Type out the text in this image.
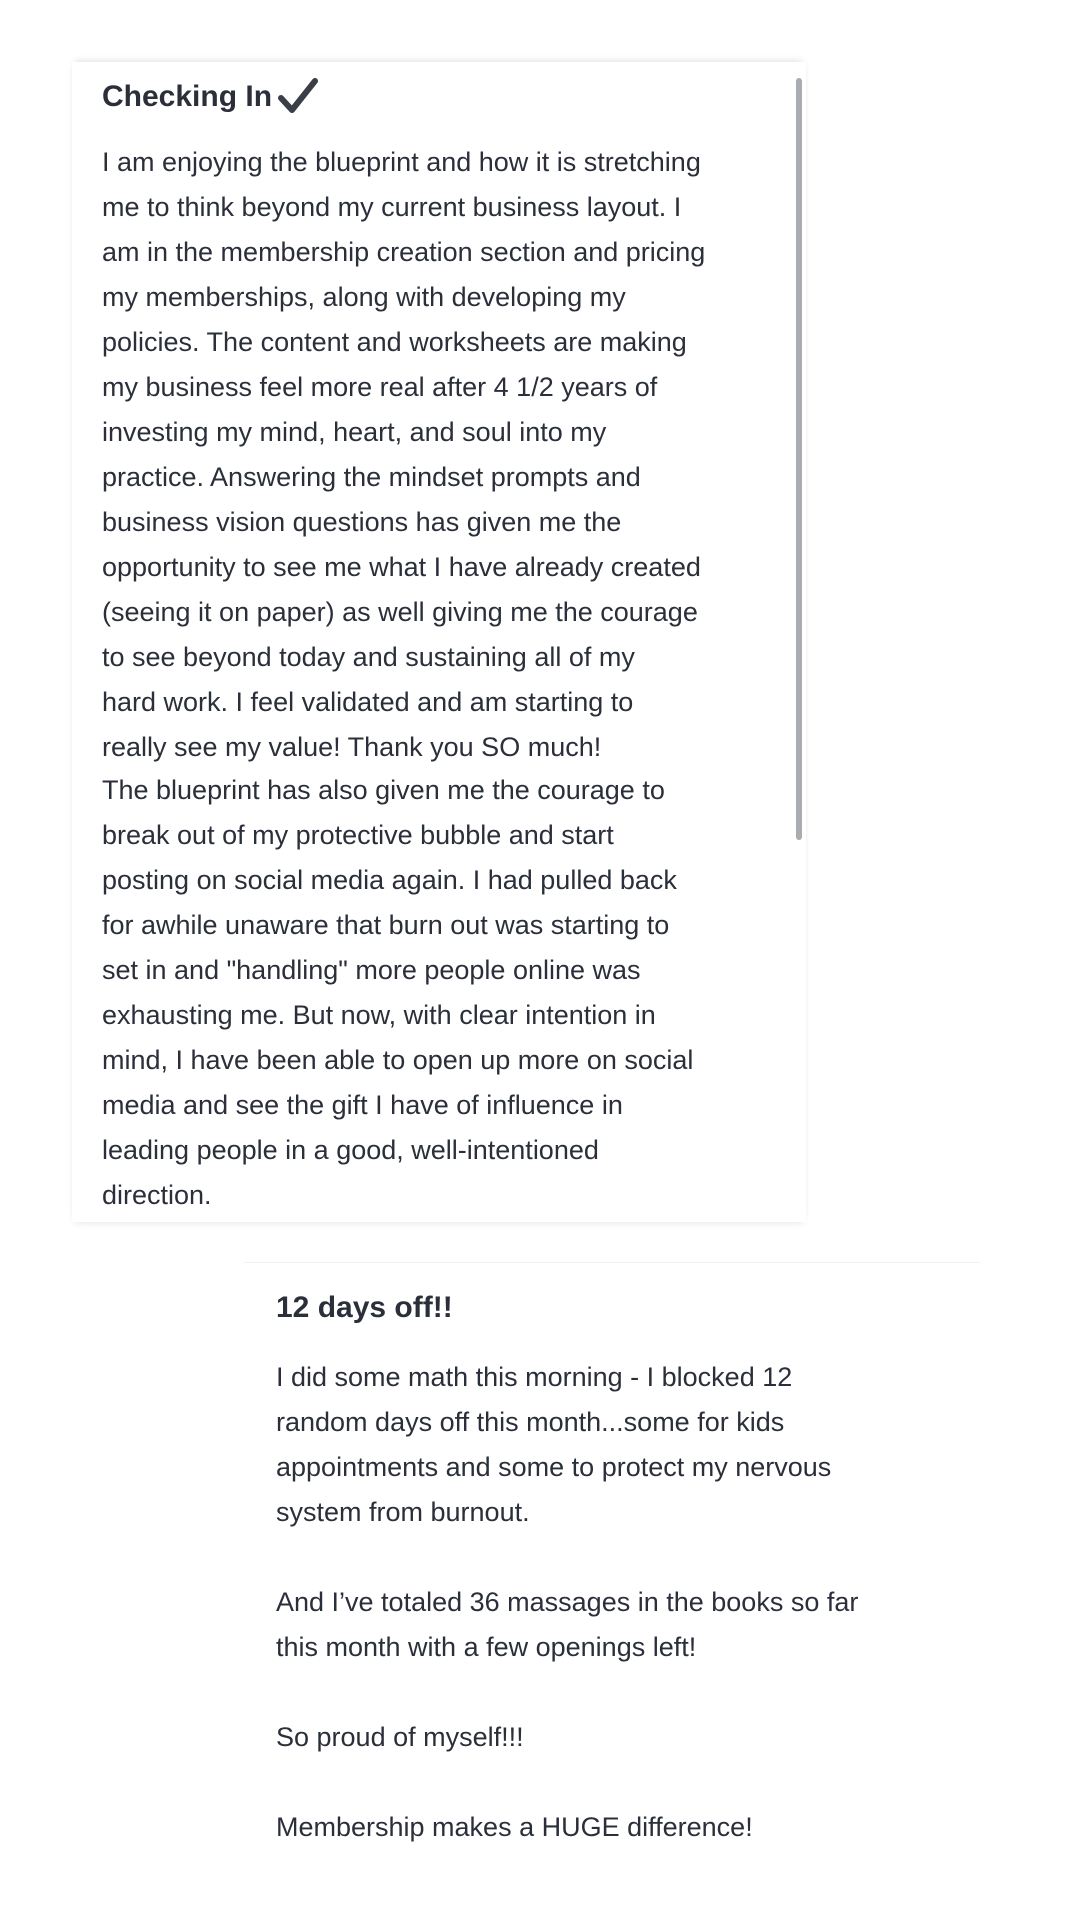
Checking In

I am enjoying the blueprint and how it is stretching
me to think beyond my current business layout. I
am in the membership creation section and pricing
my memberships, along with developing my
policies. The content and worksheets are making
my business feel more real after 4 1/2 years of
investing my mind, heart, and soul into my
practice. Answering the mindset prompts and
business vision questions has given me the
opportunity to see me what I have already created
(seeing it on paper) as well giving me the courage
to see beyond today and sustaining all of my
hard work. I feel validated and am starting to
really see my value! Thank you SO much!

The blueprint has also given me the courage to
break out of my protective bubble and start
posting on social media again. I had pulled back
for awhile unaware that burn out was starting to
set in and "handling" more people online was
exhausting me. But now, with clear intention in
mind, I have been able to open up more on social
media and see the gift I have of influence in
leading people in a good, well-intentioned
direction.

12 days off!!

I did some math this morning - I blocked 12
random days off this month...some for kids
appointments and some to protect my nervous
system from burnout.

And I’ve totaled 36 massages in the books so far
this month with a few openings left!

So proud of myself!!!

Membership makes a HUGE difference!
